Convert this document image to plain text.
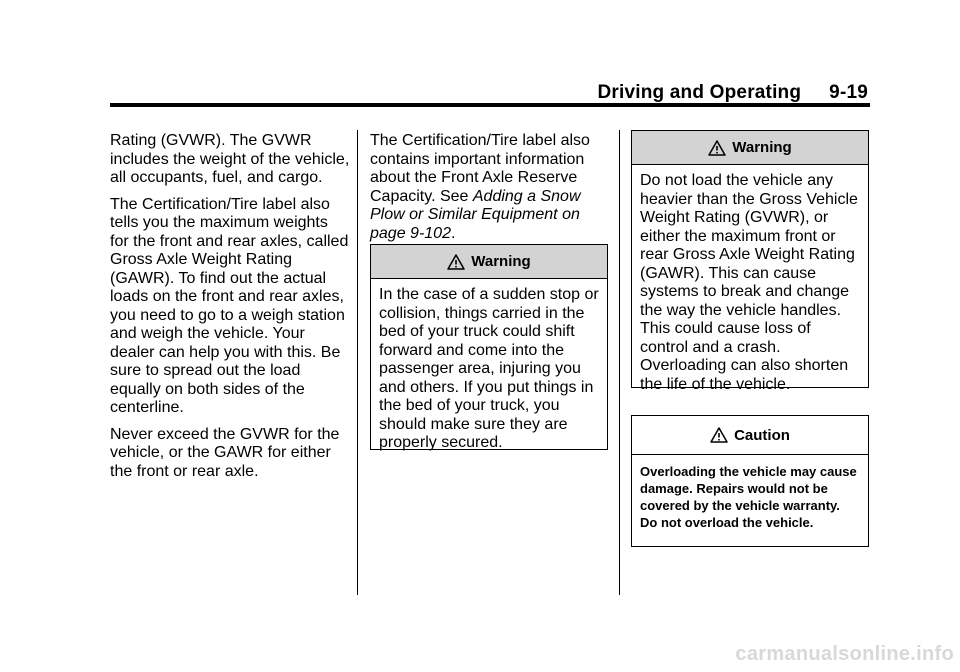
Driving and Operating 9-19

Rating (GVWR). The GVWR includes the weight of the vehicle, all occupants, fuel, and cargo.

The Certification/Tire label also tells you the maximum weights for the front and rear axles, called Gross Axle Weight Rating (GAWR). To find out the actual loads on the front and rear axles, you need to go to a weigh station and weigh the vehicle. Your dealer can help you with this. Be sure to spread out the load equally on both sides of the centerline.

Never exceed the GVWR for the vehicle, or the GAWR for either the front or rear axle.

The Certification/Tire label also contains important information about the Front Axle Reserve Capacity. See Adding a Snow Plow or Similar Equipment on page 9-102.

Warning
In the case of a sudden stop or collision, things carried in the bed of your truck could shift forward and come into the passenger area, injuring you and others. If you put things in the bed of your truck, you should make sure they are properly secured.
Warning
Do not load the vehicle any heavier than the Gross Vehicle Weight Rating (GVWR), or either the maximum front or rear Gross Axle Weight Rating (GAWR). This can cause systems to break and change the way the vehicle handles. This could cause loss of control and a crash. Overloading can also shorten the life of the vehicle.
Caution
Overloading the vehicle may cause damage. Repairs would not be covered by the vehicle warranty. Do not overload the vehicle.
carmanualsonline.info
